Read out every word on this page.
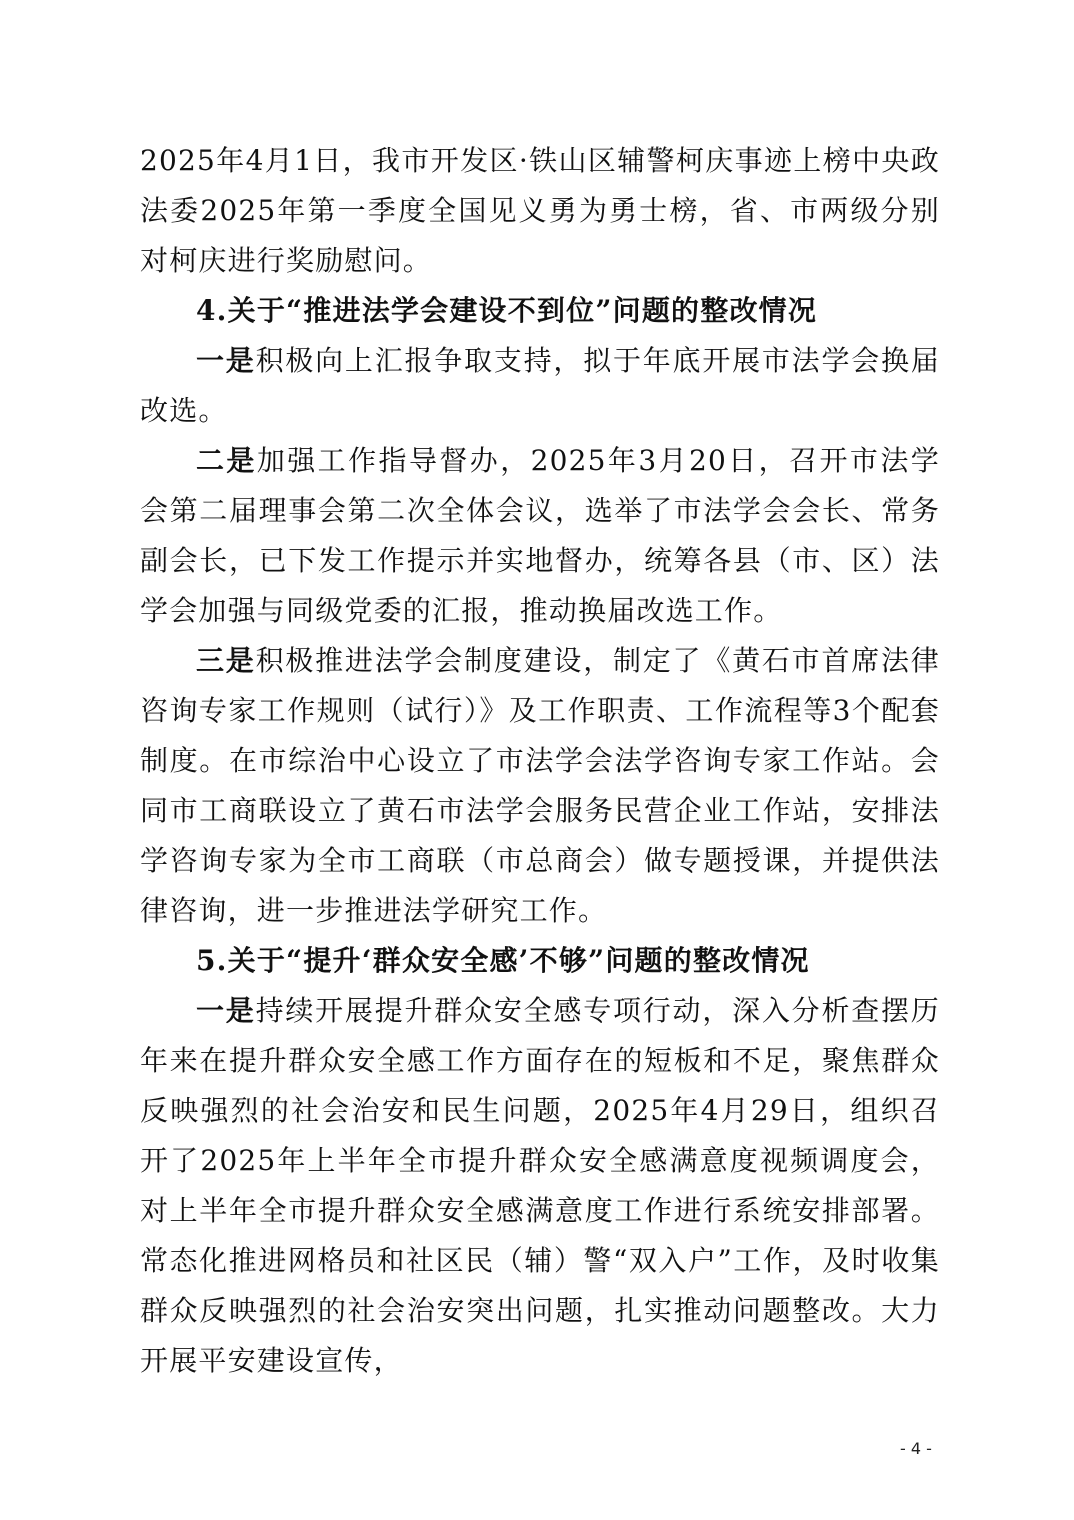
2025年4月1日，我市开发区·铁山区辅警柯庆事迹上榜中央政法委2025年第一季度全国见义勇为勇士榜，省、市两级分别对柯庆进行奖励慰问。

4.关于“推进法学会建设不到位”问题的整改情况

一是积极向上汇报争取支持，拟于年底开展市法学会换届改选。

二是加强工作指导督办，2025年3月20日，召开市法学会第二届理事会第二次全体会议，选举了市法学会会长、常务副会长，已下发工作提示并实地督办，统筹各县（市、区）法学会加强与同级党委的汇报，推动换届改选工作。

三是积极推进法学会制度建设，制定了《黄石市首席法律咨询专家工作规则（试行）》及工作职责、工作流程等3个配套制度。在市综治中心设立了市法学会法学咨询专家工作站。会同市工商联设立了黄石市法学会服务民营企业工作站，安排法学咨询专家为全市工商联（市总商会）做专题授课，并提供法律咨询，进一步推进法学研究工作。

5.关于“提升‘群众安全感’不够”问题的整改情况

一是持续开展提升群众安全感专项行动，深入分析查摆历年来在提升群众安全感工作方面存在的短板和不足，聚焦群众反映强烈的社会治安和民生问题，2025年4月29日，组织召开了2025年上半年全市提升群众安全感满意度视频调度会，对上半年全市提升群众安全感满意度工作进行系统安排部署。常态化推进网格员和社区民（辅）警“双入户”工作，及时收集群众反映强烈的社会治安突出问题，扎实推动问题整改。大力开展平安建设宣传，

- 4 -
